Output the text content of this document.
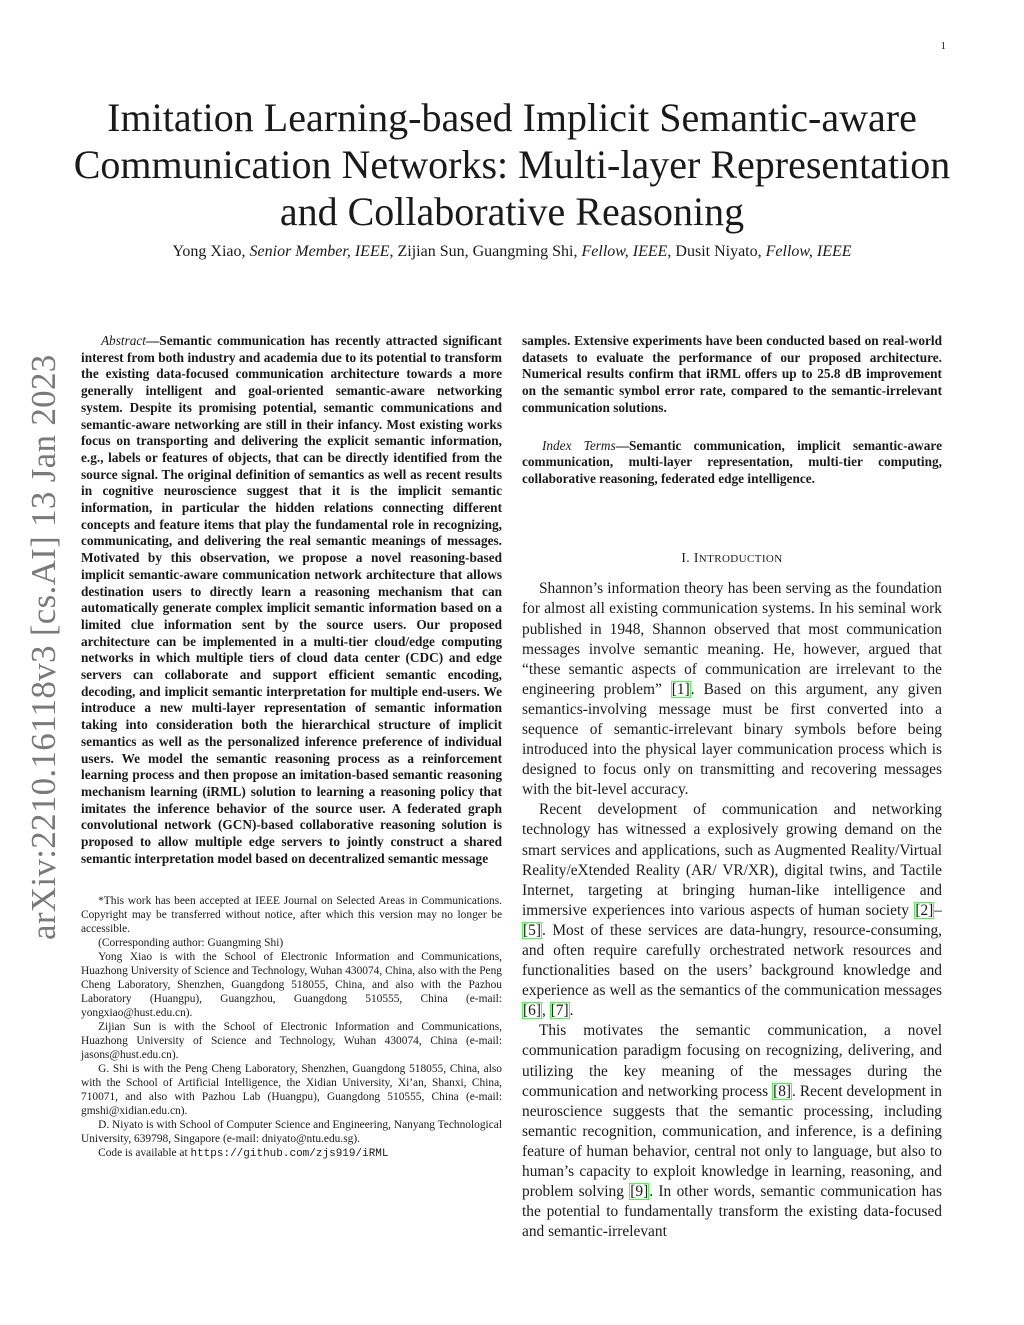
1
arXiv:2210.16118v3 [cs.AI] 13 Jan 2023
Imitation Learning-based Implicit Semantic-aware Communication Networks: Multi-layer Representation and Collaborative Reasoning
Yong Xiao, Senior Member, IEEE, Zijian Sun, Guangming Shi, Fellow, IEEE, Dusit Niyato, Fellow, IEEE

Abstract—Semantic communication has recently attracted significant interest from both industry and academia due to its potential to transform the existing data-focused communication architecture towards a more generally intelligent and goal-oriented semantic-aware networking system. Despite its promising potential, semantic communications and semantic-aware networking are still in their infancy. Most existing works focus on transporting and delivering the explicit semantic information, e.g., labels or features of objects, that can be directly identified from the source signal. The original definition of semantics as well as recent results in cognitive neuroscience suggest that it is the implicit semantic information, in particular the hidden relations connecting different concepts and feature items that play the fundamental role in recognizing, communicating, and delivering the real semantic meanings of messages. Motivated by this observation, we propose a novel reasoning-based implicit semantic-aware communication network architecture that allows destination users to directly learn a reasoning mechanism that can automatically generate complex implicit semantic information based on a limited clue information sent by the source users. Our proposed architecture can be implemented in a multi-tier cloud/edge computing networks in which multiple tiers of cloud data center (CDC) and edge servers can collaborate and support efficient semantic encoding, decoding, and implicit semantic interpretation for multiple end-users. We introduce a new multi-layer representation of semantic information taking into consideration both the hierarchical structure of implicit semantics as well as the personalized inference preference of individual users. We model the semantic reasoning process as a reinforcement learning process and then propose an imitation-based semantic reasoning mechanism learning (iRML) solution to learning a reasoning policy that imitates the inference behavior of the source user. A federated graph convolutional network (GCN)-based collaborative reasoning solution is proposed to allow multiple edge servers to jointly construct a shared semantic interpretation model based on decentralized semantic message

*This work has been accepted at IEEE Journal on Selected Areas in Communications. Copyright may be transferred without notice, after which this version may no longer be accessible.

(Corresponding author: Guangming Shi)

Yong Xiao is with the School of Electronic Information and Communications, Huazhong University of Science and Technology, Wuhan 430074, China, also with the Peng Cheng Laboratory, Shenzhen, Guangdong 518055, China, and also with the Pazhou Laboratory (Huangpu), Guangzhou, Guangdong 510555, China (e-mail: yongxiao@hust.edu.cn).

Zijian Sun is with the School of Electronic Information and Communications, Huazhong University of Science and Technology, Wuhan 430074, China (e-mail: jasons@hust.edu.cn).

G. Shi is with the Peng Cheng Laboratory, Shenzhen, Guangdong 518055, China, also with the School of Artificial Intelligence, the Xidian University, Xi’an, Shanxi, China, 710071, and also with Pazhou Lab (Huangpu), Guangdong 510555, China (e-mail: gmshi@xidian.edu.cn).

D. Niyato is with School of Computer Science and Engineering, Nanyang Technological University, 639798, Singapore (e-mail: dniyato@ntu.edu.sg).

Code is available at https://github.com/zjs919/iRML

samples. Extensive experiments have been conducted based on real-world datasets to evaluate the performance of our proposed architecture. Numerical results confirm that iRML offers up to 25.8 dB improvement on the semantic symbol error rate, compared to the semantic-irrelevant communication solutions.

Index Terms—Semantic communication, implicit semantic-aware communication, multi-layer representation, multi-tier computing, collaborative reasoning, federated edge intelligence.

I. INTRODUCTION

Shannon’s information theory has been serving as the foundation for almost all existing communication systems. In his seminal work published in 1948, Shannon observed that most communication messages involve semantic meaning. He, however, argued that “these semantic aspects of communication are irrelevant to the engineering problem” [1]. Based on this argument, any given semantics-involving message must be first converted into a sequence of semantic-irrelevant binary symbols before being introduced into the physical layer communication process which is designed to focus only on transmitting and recovering messages with the bit-level accuracy.

Recent development of communication and networking technology has witnessed a explosively growing demand on the smart services and applications, such as Augmented Reality/Virtual Reality/eXtended Reality (AR/ VR/XR), digital twins, and Tactile Internet, targeting at bringing human-like intelligence and immersive experiences into various aspects of human society [2]–[5]. Most of these services are data-hungry, resource-consuming, and often require carefully orchestrated network resources and functionalities based on the users’ background knowledge and experience as well as the semantics of the communication messages [6], [7].

This motivates the semantic communication, a novel communication paradigm focusing on recognizing, delivering, and utilizing the key meaning of the messages during the communication and networking process [8]. Recent development in neuroscience suggests that the semantic processing, including semantic recognition, communication, and inference, is a defining feature of human behavior, central not only to language, but also to human’s capacity to exploit knowledge in learning, reasoning, and problem solving [9]. In other words, semantic communication has the potential to fundamentally transform the existing data-focused and semantic-irrelevant
